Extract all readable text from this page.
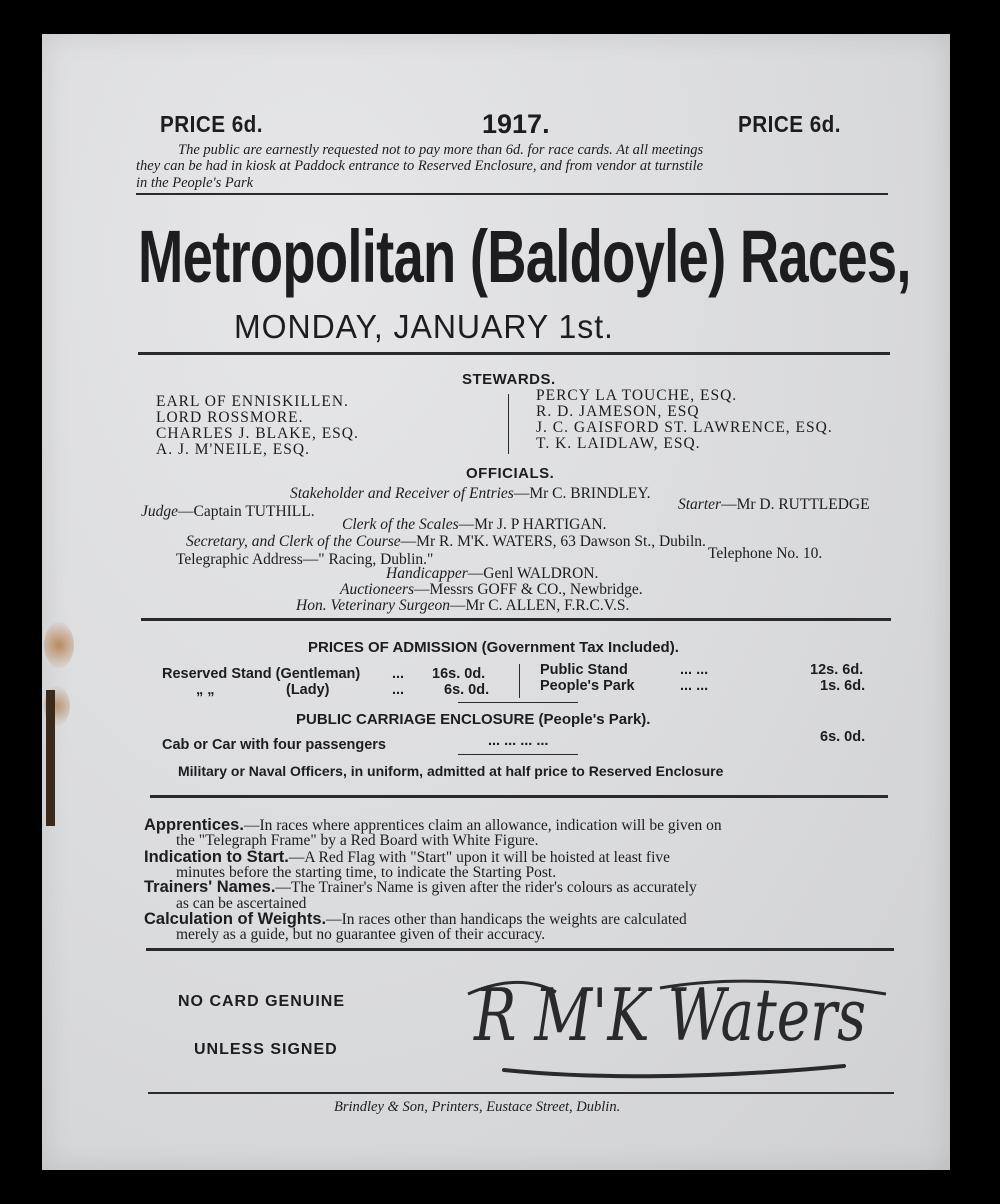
PRICE 6d.	1917.	PRICE 6d.
The public are earnestly requested not to pay more than 6d. for race cards. At all meetings
they can be had in kiosk at Paddock entrance to Reserved Enclosure, and from vendor at turnstile
in the People's Park
Metropolitan (Baldoyle) Races,
MONDAY, JANUARY 1st.
STEWARDS.
EARL OF ENNISKILLEN.
LORD ROSSMORE.
CHARLES J. BLAKE, ESQ.
A. J. M'NEILE, ESQ.
PERCY LA TOUCHE, ESQ.
R. D. JAMESON, ESQ
J. C. GAISFORD ST. LAWRENCE, ESQ.
T. K. LAIDLAW, ESQ.
OFFICIALS.
Stakeholder and Receiver of Entries—Mr C. BRINDLEY.
Judge—Captain TUTHILL.	Starter—Mr D. RUTTLEDGE
Clerk of the Scales—Mr J. P HARTIGAN.
Secretary, and Clerk of the Course—Mr R. M'K. WATERS, 63 Dawson St., Dubiln.
Telegraphic Address—" Racing, Dublin."	Telephone No. 10.
Handicapper—Genl WALDRON.
Auctioneers—Messrs GOFF & CO., Newbridge.
Hon. Veterinary Surgeon—Mr C. ALLEN, F.R.C.V.S.
PRICES OF ADMISSION (Government Tax Included).
Reserved Stand (Gentleman) ... 16s. 0d.
„ „	(Lady)	...	6s. 0d.
Public Stand	... ...	12s. 6d.
People's Park	... ...	1s. 6d.
PUBLIC CARRIAGE ENCLOSURE (People's Park).
Cab or Car with four passengers	... ... ... ...	6s. 0d.
Military or Naval Officers, in uniform, admitted at half price to Reserved Enclosure
Apprentices.—In races where apprentices claim an allowance, indication will be given on
the "Telegraph Frame" by a Red Board with White Figure.
Indication to Start.—A Red Flag with "Start" upon it will be hoisted at least five
minutes before the starting time, to indicate the Starting Post.
Trainers' Names.—The Trainer's Name is given after the rider's colours as accurately
as can be ascertained
Calculation of Weights.—In races other than handicaps the weights are calculated
merely as a guide, but no guarantee given of their accuracy.
NO CARD GENUINE
UNLESS SIGNED R M'K Waters
Brindley & Son, Printers, Eustace Street, Dublin.
